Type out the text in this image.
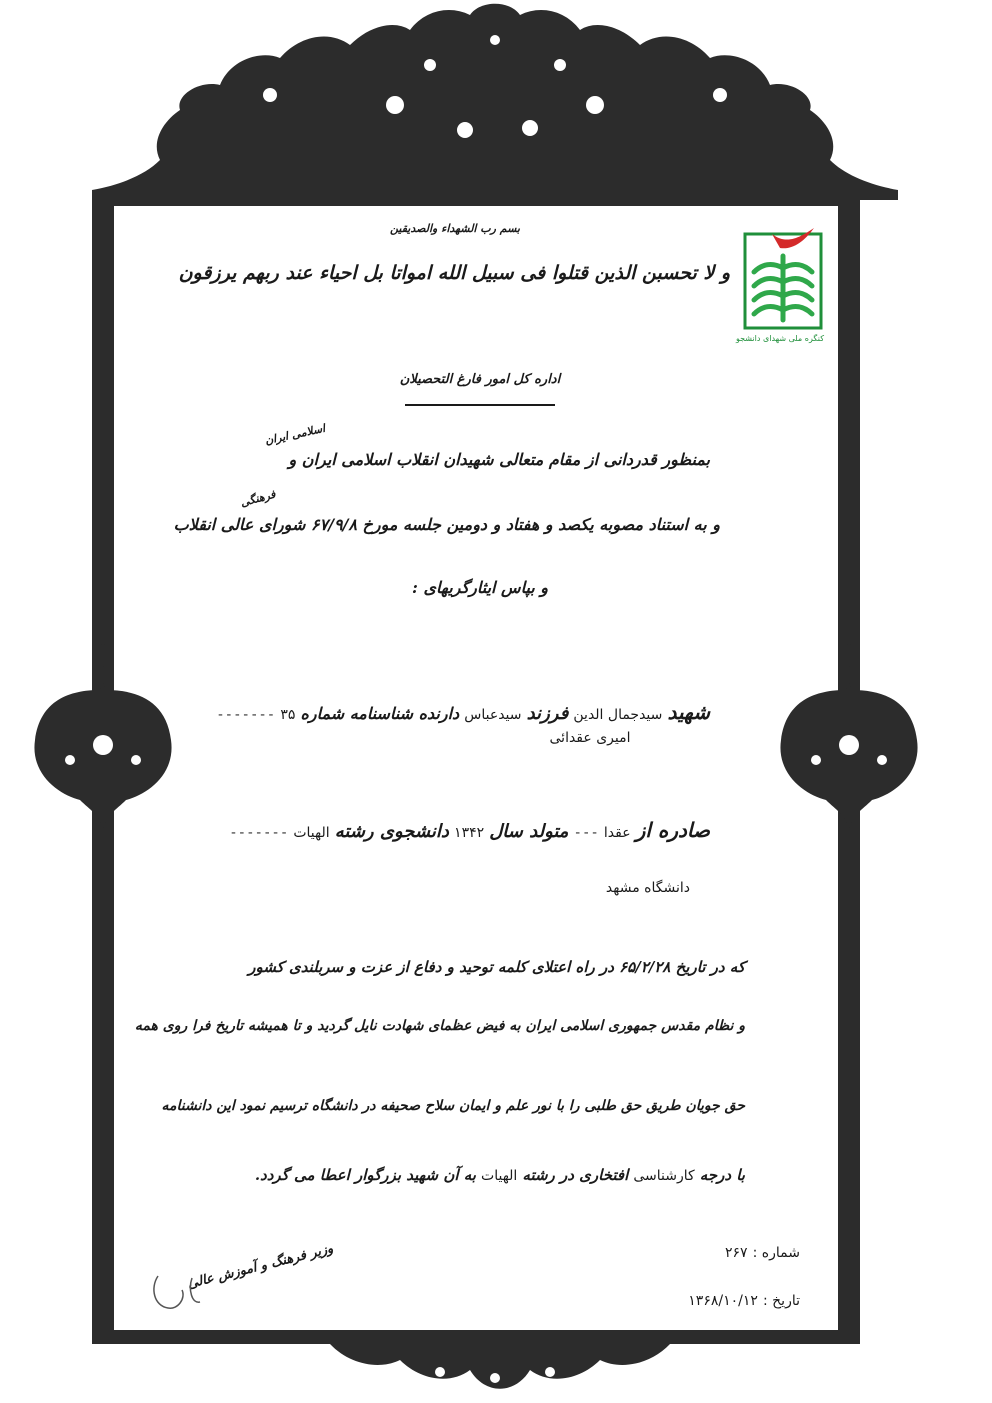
کنگره ملی شهدای دانشجو
بسم رب الشهداء والصدیقین
و لا تحسبن الذین قتلوا فی سبیل الله امواتا بل احیاء عند ربهم یرزقون
اداره کل امور فارغ التحصیلان
بمنظور قدردانی از مقام متعالی شهیدان انقلاب اسلامی ایران و
اسلامی ایران
و به استناد مصوبه یکصد و هفتاد و دومین جلسه مورخ ۶۷/۹/۸ شورای عالی انقلاب
فرهنگی
و بپاس ایثارگریهای :
شهید سیدجمال الدین فرزند سیدعباس دارنده شناسنامه شماره ۳۵ -------
امیری عقدائی
صادره از عقدا --- متولد سال ۱۳۴۲ دانشجوی رشته الهیات -------
دانشگاه مشهد
که در تاریخ ۶۵/۲/۲۸ در راه اعتلای کلمه توحید و دفاع از عزت و سربلندی کشور
و نظام مقدس جمهوری اسلامی ایران به فیض عظمای شهادت نایل گردید و تا همیشه تاریخ فرا روی همه
حق جویان طریق حق طلبی را با نور علم و ایمان سلاح صحیفه در دانشگاه ترسیم نمود این دانشنامه
با درجه کارشناسی افتخاری در رشته الهیات به آن شهید بزرگوار اعطا می گردد.
شماره : ۲۶۷
تاریخ : ۱۳۶۸/۱۰/۱۲
وزیر فرهنگ و آموزش عالی
